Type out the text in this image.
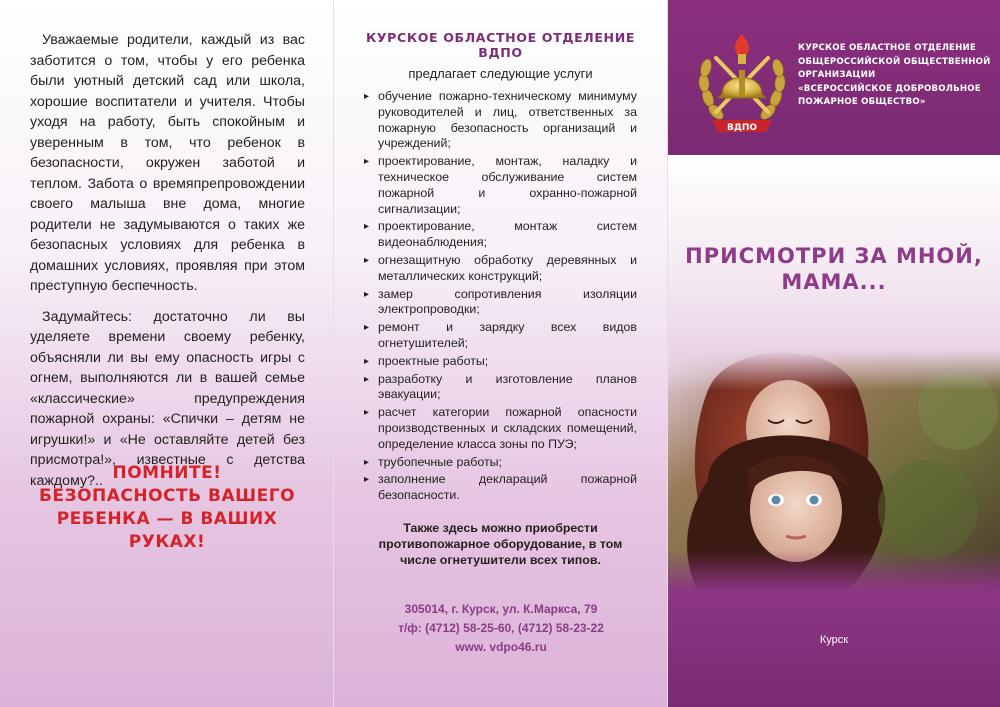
Уважаемые родители, каждый из вас заботится о том, чтобы у его ребенка были уютный детский сад или школа, хорошие воспитатели и учителя. Чтобы уходя на работу, быть спокойным и уверенным в том, что ребенок в безопасности, окружен заботой и теплом. Забота о времяпрепровождении своего малыша вне дома, многие родители не задумываются о таких же безопасных условиях для ребенка в домашних условиях, проявляя при этом преступную беспечность.

Задумайтесь: достаточно ли вы уделяете времени своему ребенку, объясняли ли вы ему опасность игры с огнем, выполняются ли в вашей семье «классические» предупреждения пожарной охраны: «Спички – детям не игрушки!» и «Не оставляйте детей без присмотра!», известные с детства каждому?.. ПОМНИТЕ!
БЕЗОПАСНОСТЬ ВАШЕГО
РЕБЕНКА — В ВАШИХ
РУКАХ!
КУРСКОЕ ОБЛАСТНОЕ ОТДЕЛЕНИЕ ВДПО
предлагает следующие услуги
▸ обучение пожарно-техническому минимуму руководителей и лиц, ответственных за пожарную безопасность организаций и учреждений;
▸ проектирование, монтаж, наладку и техническое обслуживание систем пожарной и охранно-пожарной сигнализации;
▸ проектирование, монтаж систем видеонаблюдения;
▸ огнезащитную обработку деревянных и металлических конструкций;
▸ замер сопротивления изоляции электропроводки;
▸ ремонт и зарядку всех видов огнетушителей;
▸ проектные работы;
▸ разработку и изготовление планов эвакуации;
▸ расчет категории пожарной опасности производственных и складских помещений, определение класса зоны по ПУЭ;
▸ трубопечные работы;
▸ заполнение деклараций пожарной безопасности.
Также здесь можно приобрести противопожарное оборудование, в том числе огнетушители всех типов.
305014, г. Курск, ул. К.Маркса, 79
т/ф: (4712) 58-25-60, (4712) 58-23-22
www. vdpo46.ru
ВДПО
КУРСКОЕ ОБЛАСТНОЕ ОТДЕЛЕНИЕ
ОБЩЕРОССИЙСКОЙ ОБЩЕСТВЕННОЙ
ОРГАНИЗАЦИИ
«ВСЕРОССИЙСКОЕ ДОБРОВОЛЬНОЕ
ПОЖАРНОЕ ОБЩЕСТВО»
ПРИСМОТРИ ЗА МНОЙ,
МАМА...
Курск
